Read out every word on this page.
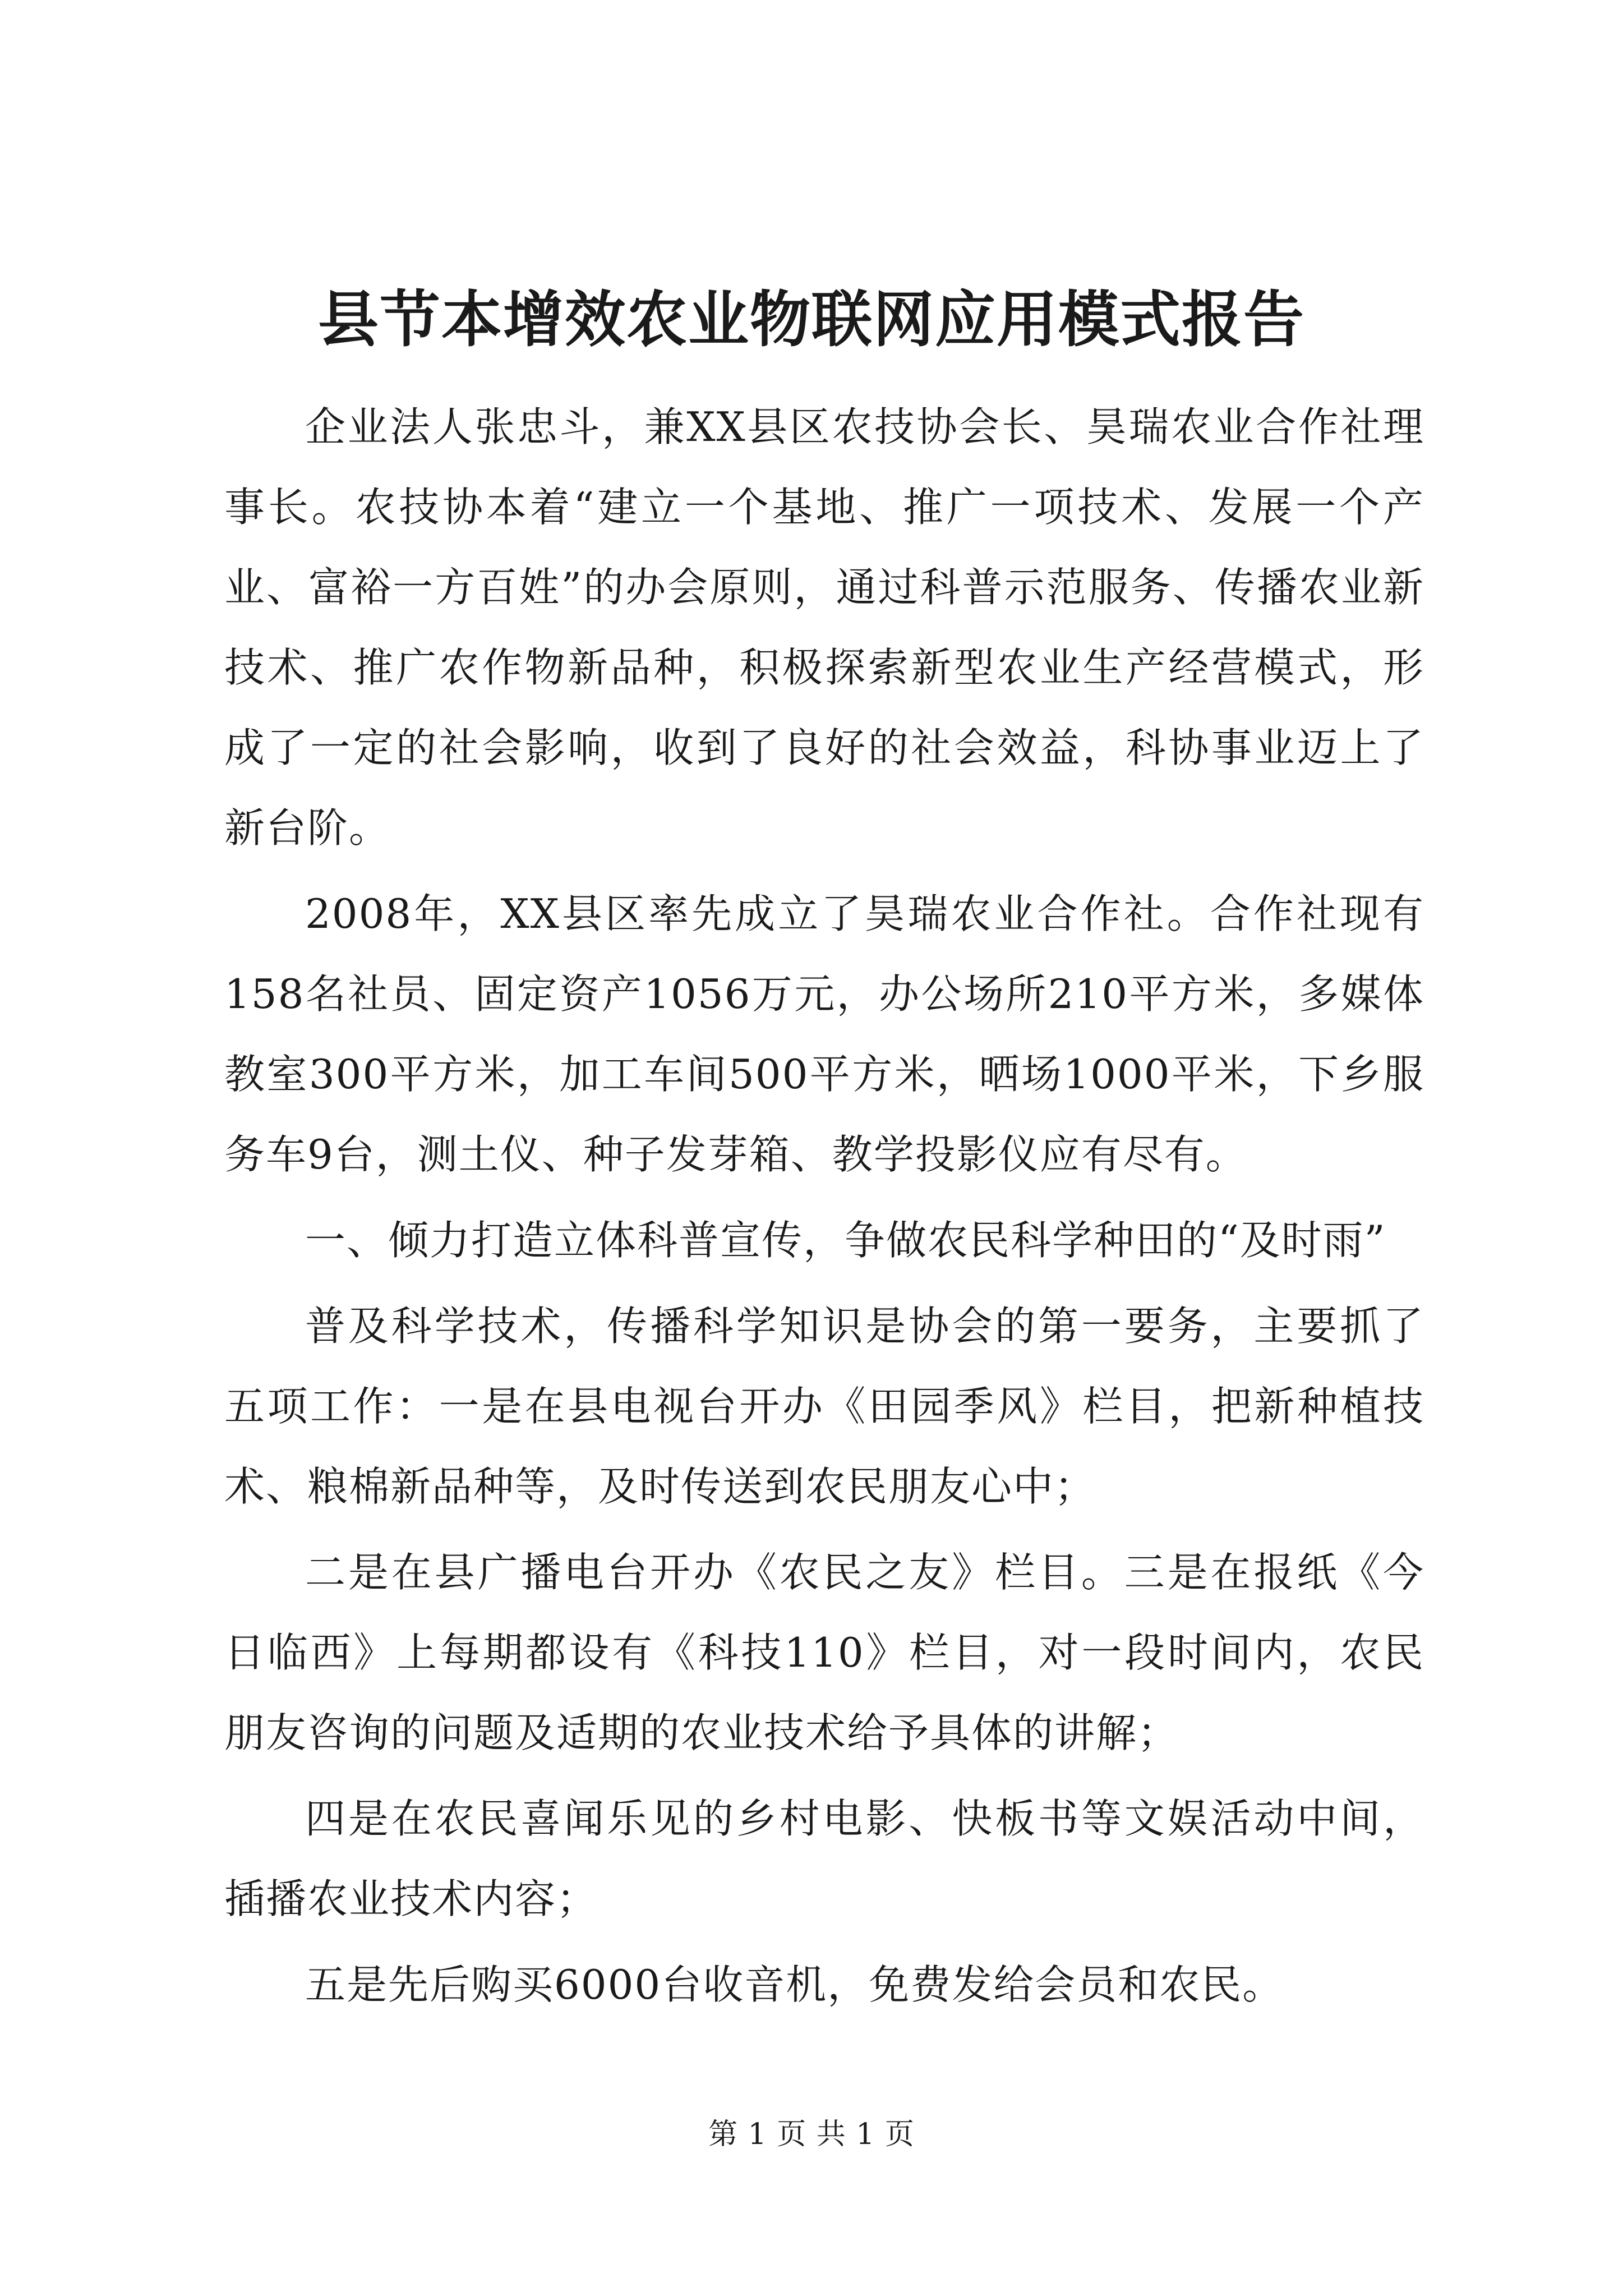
县节本增效农业物联网应用模式报告

企业法人张忠斗，兼XX县区农技协会长、昊瑞农业合作社理事长。农技协本着“建立一个基地、推广一项技术、发展一个产业、富裕一方百姓”的办会原则，通过科普示范服务、传播农业新技术、推广农作物新品种，积极探索新型农业生产经营模式，形成了一定的社会影响，收到了良好的社会效益，科协事业迈上了新台阶。

2008年，XX县区率先成立了昊瑞农业合作社。合作社现有158名社员、固定资产1056万元，办公场所210平方米，多媒体教室300平方米，加工车间500平方米，晒场1000平米，下乡服务车9台，测土仪、种子发芽箱、教学投影仪应有尽有。

一、倾力打造立体科普宣传，争做农民科学种田的“及时雨”

普及科学技术，传播科学知识是协会的第一要务，主要抓了五项工作：一是在县电视台开办《田园季风》栏目，把新种植技术、粮棉新品种等，及时传送到农民朋友心中；

二是在县广播电台开办《农民之友》栏目。三是在报纸《今日临西》上每期都设有《科技110》栏目，对一段时间内，农民朋友咨询的问题及适期的农业技术给予具体的讲解；

四是在农民喜闻乐见的乡村电影、快板书等文娱活动中间，插播农业技术内容；

五是先后购买6000台收音机，免费发给会员和农民。

第 1 页 共 1 页
